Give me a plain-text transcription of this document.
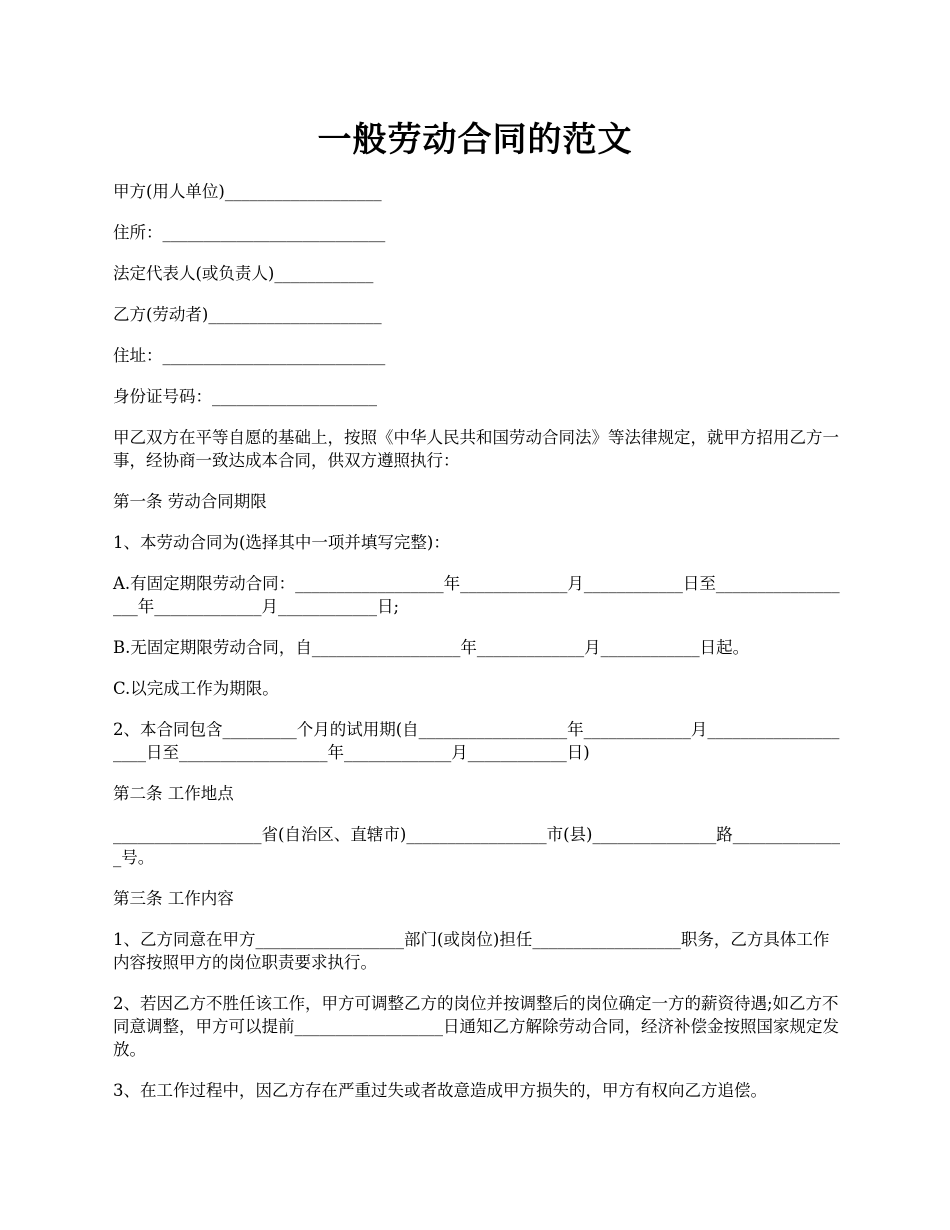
一般劳动合同的范文

甲方(用人单位)___________________

住所：___________________________

法定代表人(或负责人)____________

乙方(劳动者)_____________________

住址：___________________________

身份证号码：____________________

甲乙双方在平等自愿的基础上，按照《中华人民共和国劳动合同法》等法律规定，就甲方招用乙方一事，经协商一致达成本合同，供双方遵照执行：

第一条 劳动合同期限

1、本劳动合同为(选择其中一项并填写完整)：

A.有固定期限劳动合同：__________________年_____________月____________日至__________________年_____________月____________日;

B.无固定期限劳动合同，自__________________年_____________月____________日起。

C.以完成工作为期限。

2、本合同包含_________个月的试用期(自__________________年_____________月____________________日至__________________年_____________月____________日)

第二条 工作地点

__________________省(自治区、直辖市)_________________市(县)_______________路______________号。

第三条 工作内容

1、乙方同意在甲方__________________部门(或岗位)担任__________________职务，乙方具体工作内容按照甲方的岗位职责要求执行。

2、若因乙方不胜任该工作，甲方可调整乙方的岗位并按调整后的岗位确定一方的薪资待遇;如乙方不同意调整，甲方可以提前__________________日通知乙方解除劳动合同，经济补偿金按照国家规定发放。

3、在工作过程中，因乙方存在严重过失或者故意造成甲方损失的，甲方有权向乙方追偿。
